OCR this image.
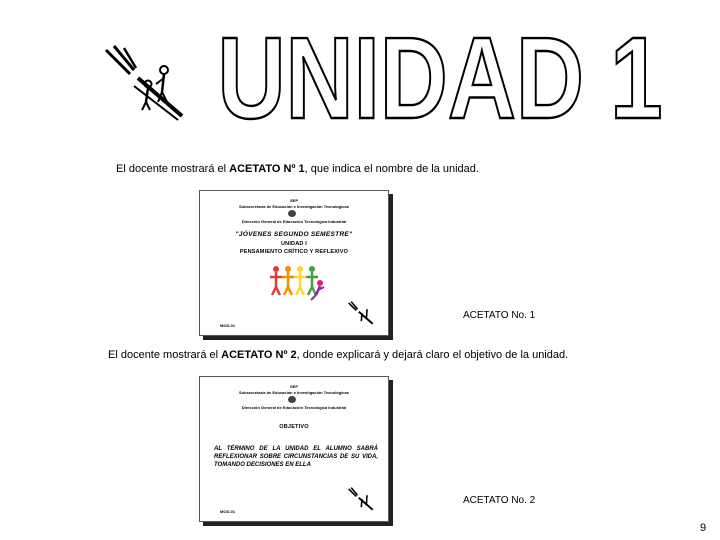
UNIDAD 1
El docente mostrará el ACETATO Nº 1, que indica el nombre de la unidad.
SEP
Subsecretaría de Educación e Investigación Tecnológicas
Dirección General de Educación Tecnológica Industrial
"JÓVENES SEGUNDO SEMESTRE"
UNIDAD I
PENSAMIENTO CRÍTICO Y REFLEXIVO
MOD-01
ACETATO No. 1
El docente mostrará el ACETATO Nº 2, donde explicará y dejará claro el objetivo de la unidad.
SEP
Subsecretaría de Educación e Investigación Tecnológicas
Dirección General de Educación Tecnológica Industrial
OBJETIVO
AL TÉRMINO DE LA UNIDAD EL ALUMNO SABRÁ REFLEXIONAR SOBRE CIRCUNSTANCIAS DE SU VIDA, TOMANDO DECISIONES EN ELLA
MOD-01
ACETATO No. 2
9
